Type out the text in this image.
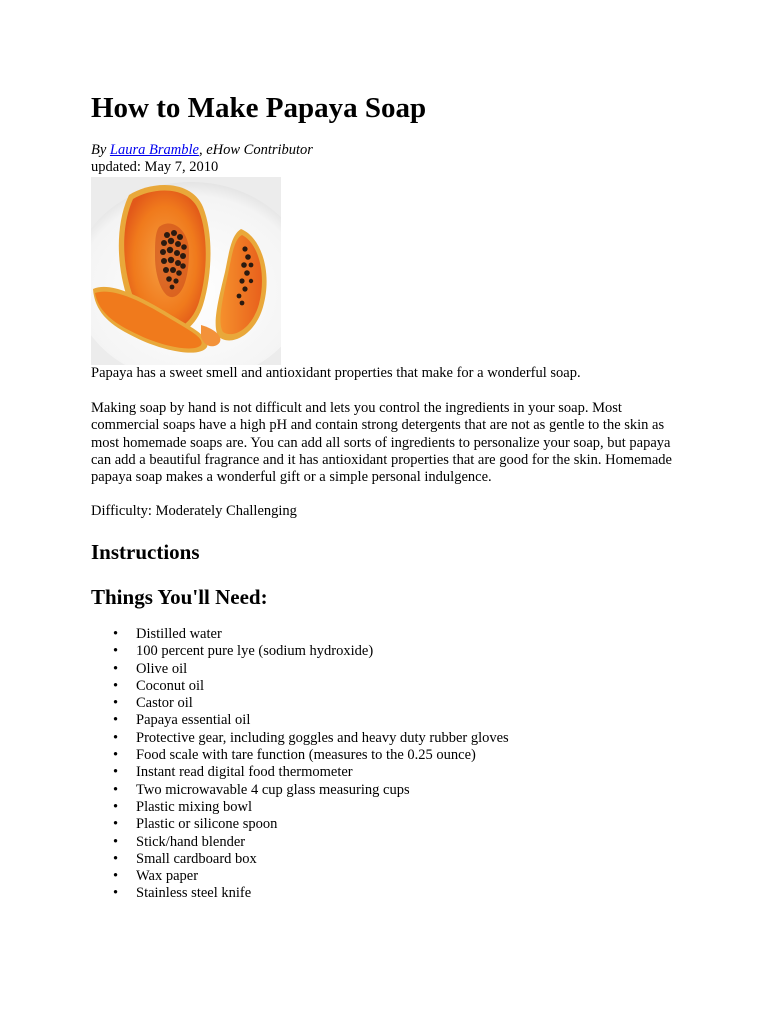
How to Make Papaya Soap
By Laura Bramble, eHow Contributor
updated: May 7, 2010

Papaya has a sweet smell and antioxidant properties that make for a wonderful soap.

Making soap by hand is not difficult and lets you control the ingredients in your soap. Most commercial soaps have a high pH and contain strong detergents that are not as gentle to the skin as most homemade soaps are. You can add all sorts of ingredients to personalize your soap, but papaya can add a beautiful fragrance and it has antioxidant properties that are good for the skin. Homemade papaya soap makes a wonderful gift or a simple personal indulgence.

Difficulty: Moderately Challenging

Instructions
Things You'll Need:
• Distilled water
• 100 percent pure lye (sodium hydroxide)
• Olive oil
• Coconut oil
• Castor oil
• Papaya essential oil
• Protective gear, including goggles and heavy duty rubber gloves
• Food scale with tare function (measures to the 0.25 ounce)
• Instant read digital food thermometer
• Two microwavable 4 cup glass measuring cups
• Plastic mixing bowl
• Plastic or silicone spoon
• Stick/hand blender
• Small cardboard box
• Wax paper
• Stainless steel knife
